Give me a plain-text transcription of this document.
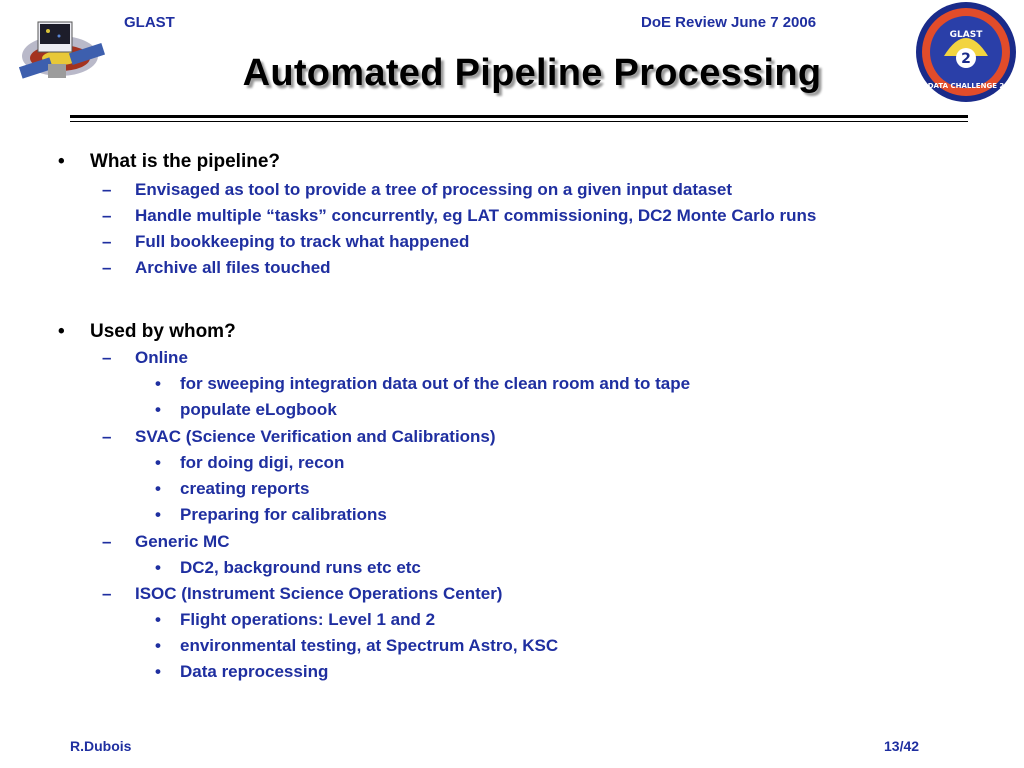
GLAST	DoE Review June 7 2006
GLAST
2
DATA CHALLENGE 2
Automated Pipeline Processing
• What is the pipeline?
– Envisaged as tool to provide a tree of processing on a given input dataset
– Handle multiple “tasks” concurrently, eg LAT commissioning, DC2 Monte Carlo runs
– Full bookkeeping to track what happened
– Archive all files touched
• Used by whom?
– Online
• for sweeping integration data out of the clean room and to tape
• populate eLogbook
– SVAC (Science Verification and Calibrations)
• for doing digi, recon
• creating reports
• Preparing for calibrations
– Generic MC
• DC2, background runs etc etc
– ISOC (Instrument Science Operations Center)
• Flight operations: Level 1 and 2
• environmental testing, at Spectrum Astro, KSC
• Data reprocessing
R.Dubois	13/42
